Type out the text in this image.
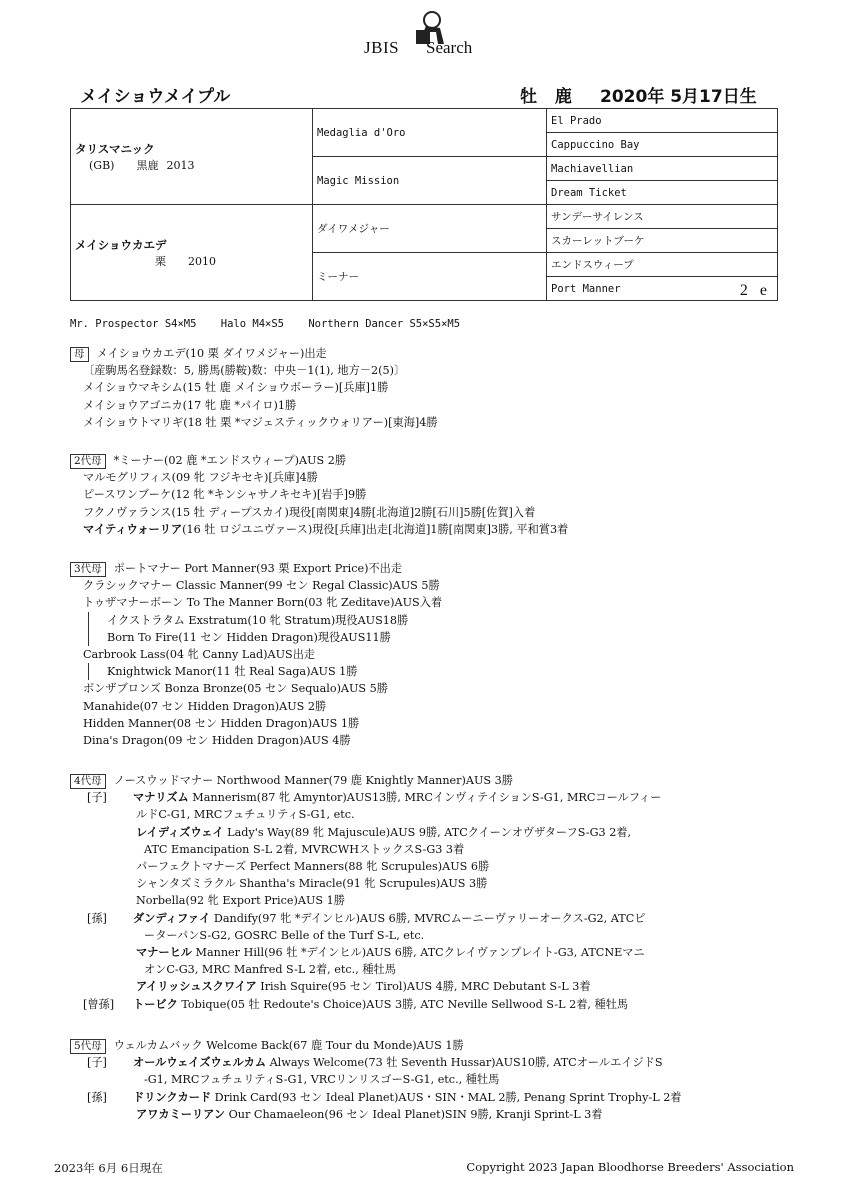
JBIS Search
メイショウメイプル	牡 鹿 2020年 5月17日生
タリスマニック
(GB) 黒鹿 2013	Medaglia d'Oro	El Prado
		Cappuccino Bay
	Magic Mission	Machiavellian
		Dream Ticket

メイショウカエデ
栗 2010	ダイワメジャー	サンデーサイレンス
		スカーレットブーケ
	ミーナー	エンドスウィープ
		Port Manner 2 e
Mr. Prospector S4×M5 Halo M4×S5 Northern Dancer S5×S5×M5
母 メイショウカエデ(10 栗 ダイワメジャー)出走
〔産駒馬名登録数：5, 勝馬(勝鞍)数：中央－1(1), 地方－2(5)〕
メイショウマキシム(15 牡 鹿 メイショウボーラー)[兵庫]1勝
メイショウアゴニカ(17 牝 鹿 *パイロ)1勝
メイショウトマリギ(18 牡 栗 *マジェスティックウォリアー)[東海]4勝
2代母 *ミーナー(02 鹿 *エンドスウィープ)AUS 2勝
マルモグリフィス(09 牝 フジキセキ)[兵庫]4勝
ピースワンブーケ(12 牝 *キンシャサノキセキ)[岩手]9勝
フクノヴァランス(15 牡 ディープスカイ)現役[南関東]4勝[北海道]2勝[石川]5勝[佐賀]入着
マイティウォーリア(16 牡 ロジユニヴァース)現役[兵庫]出走[北海道]1勝[南関東]3勝, 平和賞3着
3代母 ポートマナー Port Manner(93 栗 Export Price)不出走
クラシックマナー Classic Manner(99 セン Regal Classic)AUS 5勝
トゥザマナーボーン To The Manner Born(03 牝 Zeditave)AUS入着
イクストラタム Exstratum(10 牝 Stratum)現役AUS18勝
Born To Fire(11 セン Hidden Dragon)現役AUS11勝
Carbrook Lass(04 牝 Canny Lad)AUS出走
Knightwick Manor(11 牡 Real Saga)AUS 1勝
ボンザブロンズ Bonza Bronze(05 セン Sequalo)AUS 5勝
Manahide(07 セン Hidden Dragon)AUS 2勝
Hidden Manner(08 セン Hidden Dragon)AUS 1勝
Dina's Dragon(09 セン Hidden Dragon)AUS 4勝
4代母 ノースウッドマナー Northwood Manner(79 鹿 Knightly Manner)AUS 3勝
[子] マナリズム Mannerism(87 牝 Amyntor)AUS13勝, MRCインヴィテイションS-G1, MRCコールフィー
ルドC-G1, MRCフュチュリティS-G1, etc.
レイディズウェイ Lady's Way(89 牝 Majuscule)AUS 9勝, ATCクイーンオヴザターフS-G3 2着,
ATC Emancipation S-L 2着, MVRCWHストックスS-G3 3着
パーフェクトマナーズ Perfect Manners(88 牝 Scrupules)AUS 6勝
シャンタズミラクル Shantha's Miracle(91 牝 Scrupules)AUS 3勝
Norbella(92 牝 Export Price)AUS 1勝
[孫] ダンディファイ Dandify(97 牝 *デインヒル)AUS 6勝, MVRCムーニーヴァリーオークス-G2, ATCピ
ーターパンS-G2, GOSRC Belle of the Turf S-L, etc.
マナーヒル Manner Hill(96 牡 *デインヒル)AUS 6勝, ATCクレイヴァンプレイト-G3, ATCNEマニ
オンC-G3, MRC Manfred S-L 2着, etc., 種牡馬
アイリッシュスクワイア Irish Squire(95 セン Tirol)AUS 4勝, MRC Debutant S-L 3着
[曾孫] トービク Tobique(05 牡 Redoute's Choice)AUS 3勝, ATC Neville Sellwood S-L 2着, 種牡馬
5代母 ウェルカムバック Welcome Back(67 鹿 Tour du Monde)AUS 1勝
[子] オールウェイズウェルカム Always Welcome(73 牡 Seventh Hussar)AUS10勝, ATCオールエイジドS
-G1, MRCフュチュリティS-G1, VRCリンリスゴーS-G1, etc., 種牡馬
[孫] ドリンクカード Drink Card(93 セン Ideal Planet)AUS・SIN・MAL 2勝, Penang Sprint Trophy-L 2着
アワカミーリアン Our Chamaeleon(96 セン Ideal Planet)SIN 9勝, Kranji Sprint-L 3着
2023年 6月 6日現在	Copyright 2023 Japan Bloodhorse Breeders' Association
